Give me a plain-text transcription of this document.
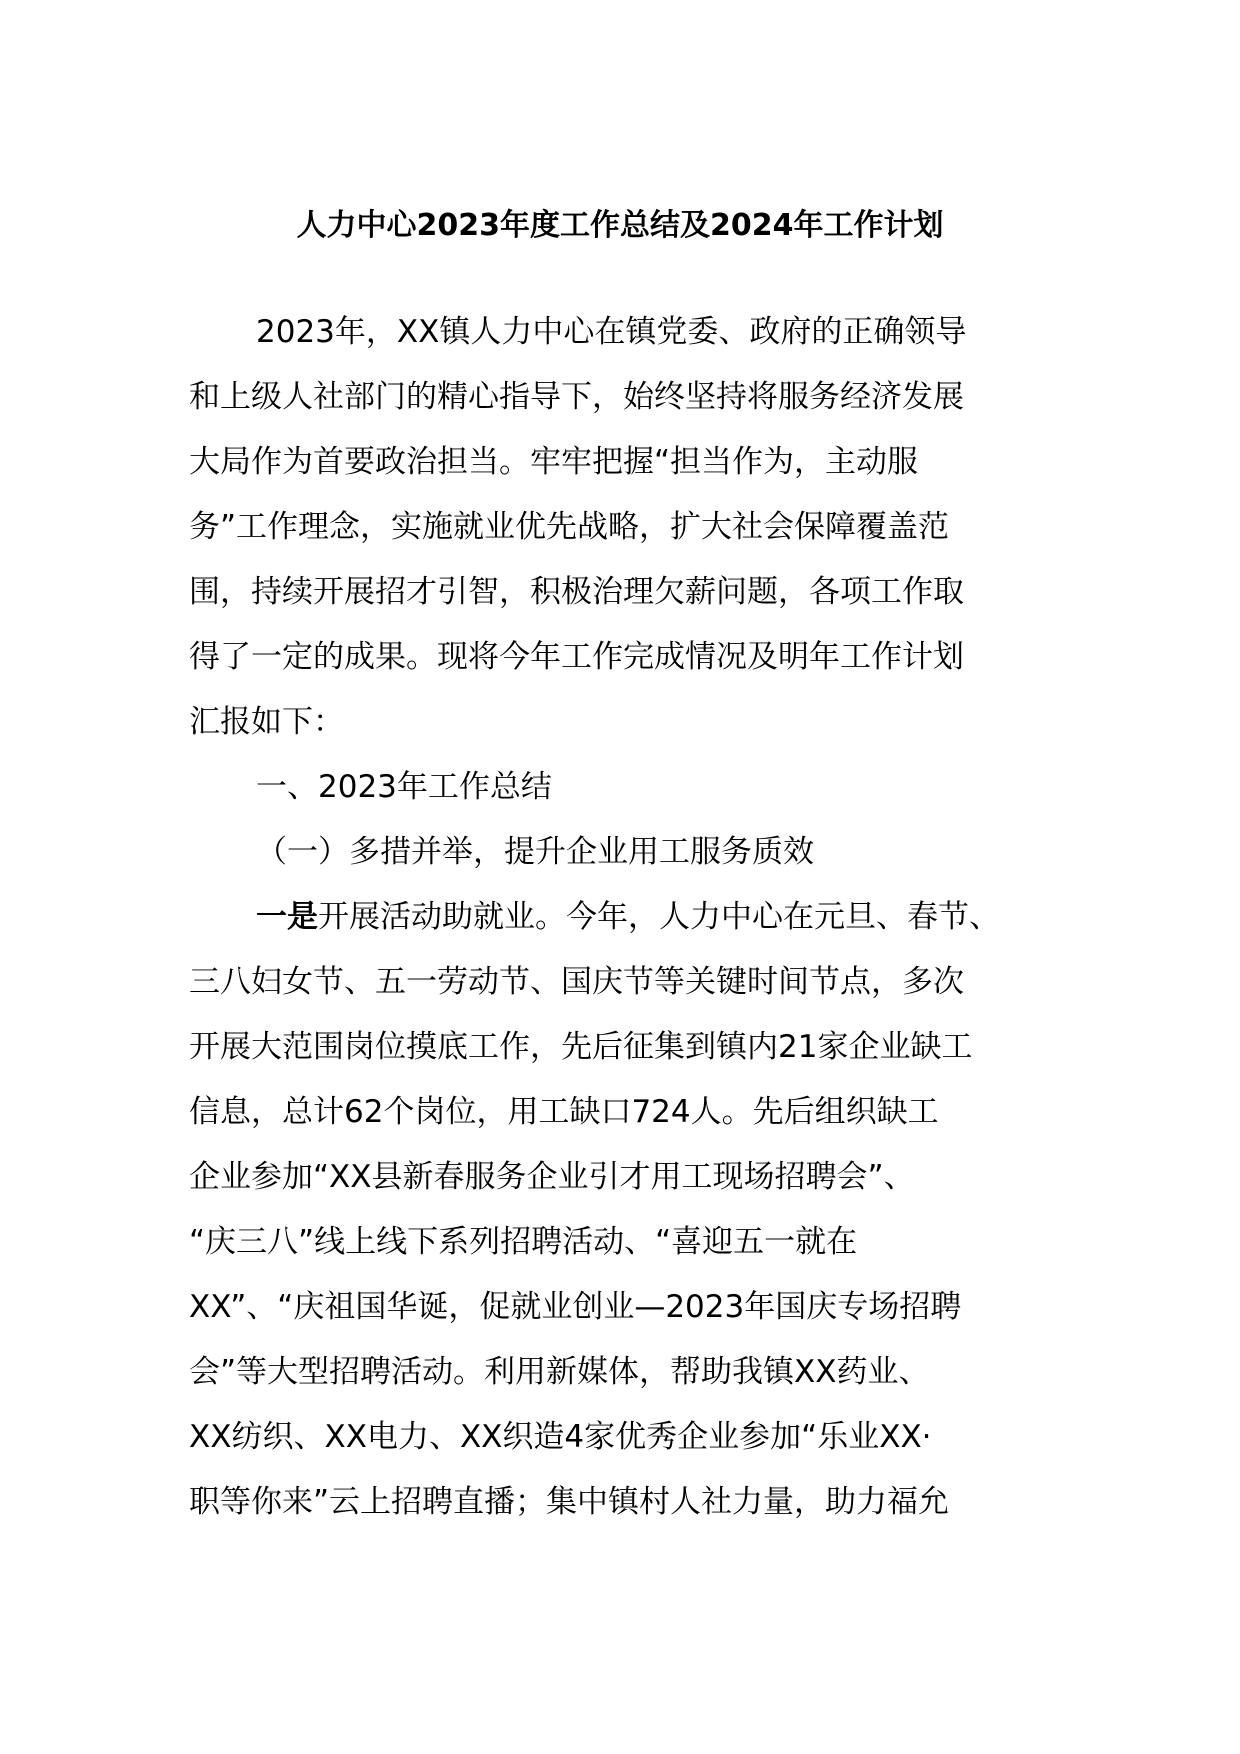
人力中心2023年度工作总结及2024年工作计划
2023年，XX镇人力中心在镇党委、政府的正确领导
和上级人社部门的精心指导下，始终坚持将服务经济发展
大局作为首要政治担当。牢牢把握“担当作为，主动服
务”工作理念，实施就业优先战略，扩大社会保障覆盖范
围，持续开展招才引智，积极治理欠薪问题，各项工作取
得了一定的成果。现将今年工作完成情况及明年工作计划
汇报如下：
一、2023年工作总结
（一）多措并举，提升企业用工服务质效
一是开展活动助就业。今年，人力中心在元旦、春节、
三八妇女节、五一劳动节、国庆节等关键时间节点，多次
开展大范围岗位摸底工作，先后征集到镇内21家企业缺工
信息，总计62个岗位，用工缺口724人。先后组织缺工
企业参加“XX县新春服务企业引才用工现场招聘会”、
“庆三八”线上线下系列招聘活动、“喜迎五一就在
XX”、“庆祖国华诞，促就业创业—2023年国庆专场招聘
会”等大型招聘活动。利用新媒体，帮助我镇XX药业、
XX纺织、XX电力、XX织造4家优秀企业参加“乐业XX·
职等你来”云上招聘直播；集中镇村人社力量，助力福允
